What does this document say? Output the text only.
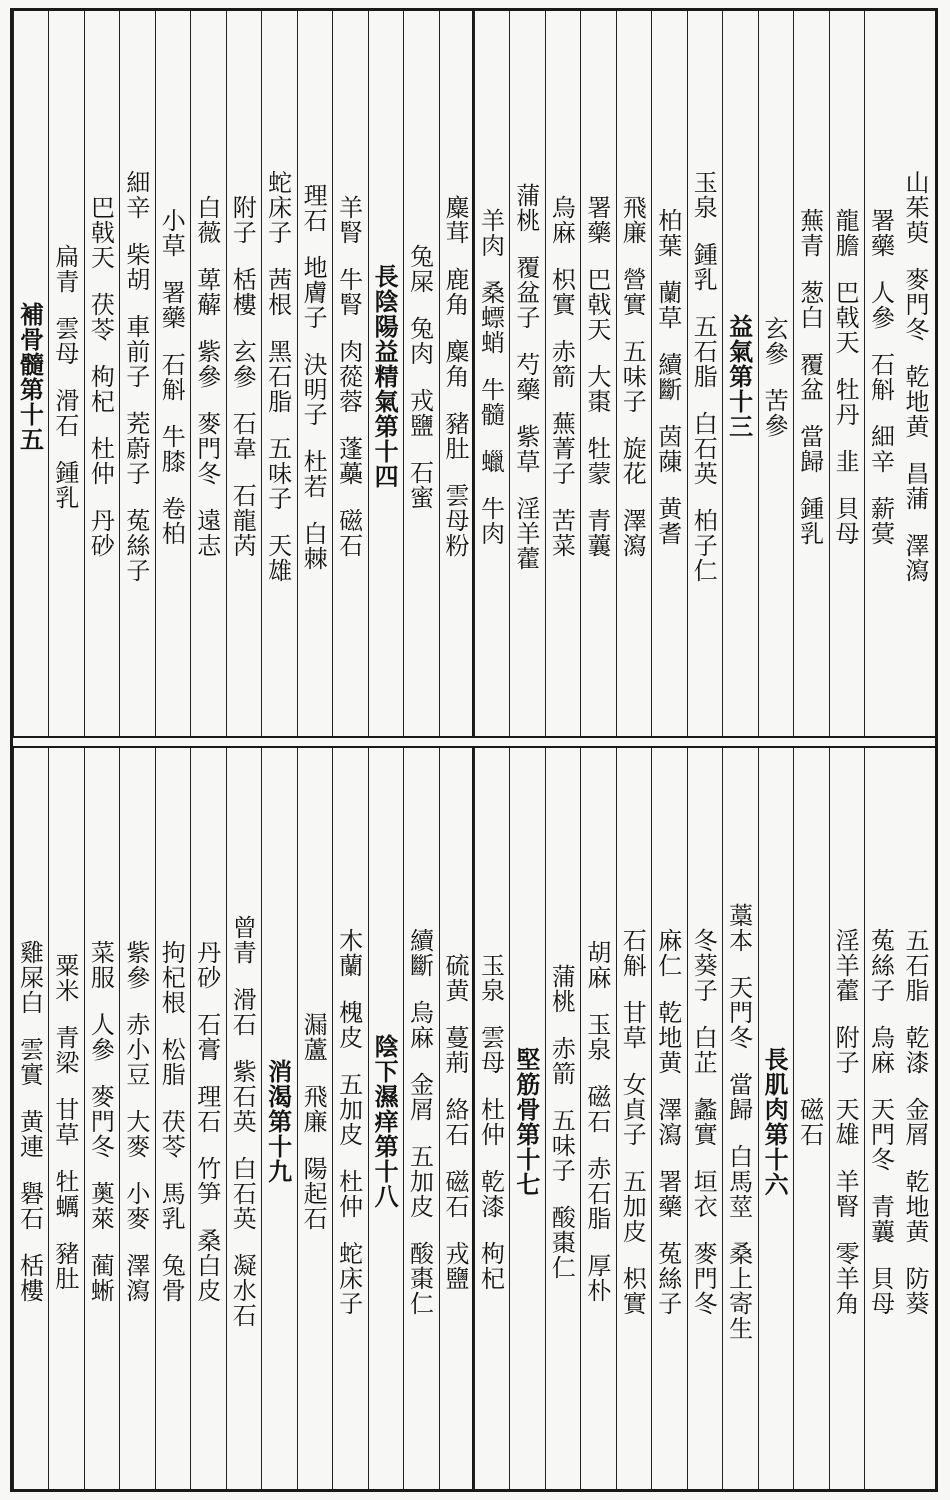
山茱萸
麥門冬
乾地黄
昌蒲
澤瀉
署藥
人參
石斛
細辛
薪蓂
龍膽
巴戟天
牡丹
韭
貝母
蕪青
葱白
覆盆
當歸
鍾乳
玄參
苦參
益氣第十三
玉泉
鍾乳
五石脂
白石英
柏子仁
柏葉
蘭草
續斷
茵蔯
黄耆
飛廉
營實
五味子
旋花
澤瀉
署藥
巴戟天
大棗
牡蒙
青蘘
烏麻
枳實
赤箭
蕪菁子
苦菜
蒲桃
覆盆子
芍藥
紫草
淫羊藿
羊肉
桑螵蛸
牛髓
蠟
牛肉
麋茸
鹿角
麋角
豬肚
雲母粉
兔屎
兔肉
戎鹽
石蜜
長陰陽益精氣第十四
羊腎
牛腎
肉蓯蓉
蓬蘽
磁石
理石
地膚子
決明子
杜若
白棘
蛇床子
茜根
黑石脂
五味子
天雄
附子
栝樓
玄參
石韋
石龍芮
白薇
萆薢
紫參
麥門冬
遠志
小草
署藥
石斛
牛膝
卷柏
細辛
柴胡
車前子
茺蔚子
菟絲子
巴戟天
茯苓
枸杞
杜仲
丹砂
扁青
雲母
滑石
鍾乳
補骨髓第十五
五石脂
乾漆
金屑
乾地黄
防葵
菟絲子
烏麻
天門冬
青蘘
貝母
淫羊藿
附子
天雄
羊腎
零羊角
磁石
長肌肉第十六
藁本
天門冬
當歸
白馬莖
桑上寄生
冬葵子
白芷
蠡實
垣衣
麥門冬
麻仁
乾地黄
澤瀉
署藥
菟絲子
石斛
甘草
女貞子
五加皮
枳實
胡麻
玉泉
磁石
赤石脂
厚朴
蒲桃
赤箭
五味子
酸棗仁
堅筋骨第十七
玉泉
雲母
杜仲
乾漆
枸杞
硫黄
蔓荊
絡石
磁石
戎鹽
續斷
烏麻
金屑
五加皮
酸棗仁
陰下濕痒第十八
木蘭
槐皮
五加皮
杜仲
蛇床子
漏蘆
飛廉
陽起石
消渴第十九
曾青
滑石
紫石英
白石英
凝水石
丹砂
石膏
理石
竹笋
桑白皮
拘杞根
松脂
茯苓
馬乳
兔骨
紫參
赤小豆
大麥
小麥
澤瀉
菜服
人參
麥門冬
薁萊
蔺蜥
粟米
青梁
甘草
牡蠣
豬肚
雞屎白
雲實
黄連
礜石
栝樓
